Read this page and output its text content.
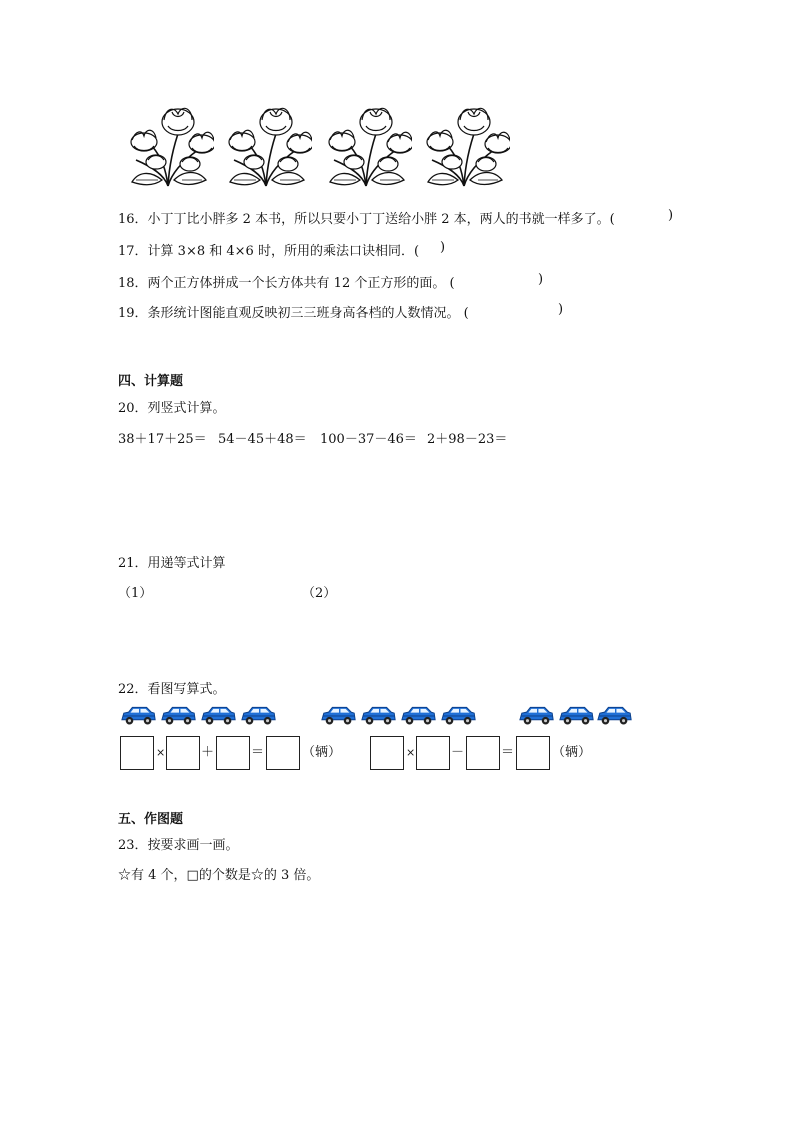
16．小丁丁比小胖多 2 本书，所以只要小丁丁送给小胖 2 本，两人的书就一样多了。(	)
17．计算 3×8 和 4×6 时，所用的乘法口诀相同．( )
18．两个正方体拼成一个长方体共有 12 个正方形的面。 (	)
19．条形统计图能直观反映初三三班身高各档的人数情况。 (	)
四、计算题
20．列竖式计算。
38＋17＋25＝ 54－45＋48＝ 100－37－46＝ 2＋98－23＝
21．用递等式计算
（1）	（2）
22．看图写算式。
×	＋	＝	（辆）	×	－	＝	（辆）
五、作图题
23．按要求画一画。
☆有 4 个，□的个数是☆的 3 倍。
